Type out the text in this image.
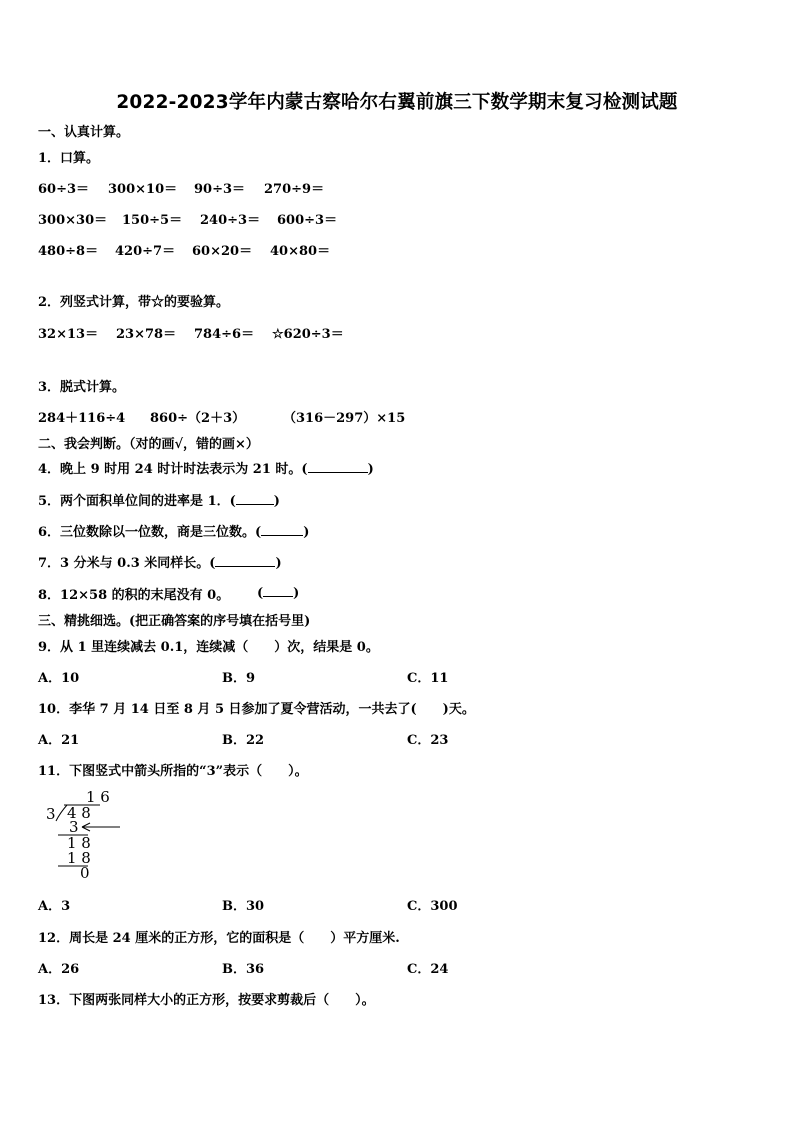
2022-2023学年内蒙古察哈尔右翼前旗三下数学期末复习检测试题
一、认真计算。
1．口算。
60÷3＝ 300×10＝ 90÷3＝ 270÷9＝
300×30＝ 150÷5＝ 240÷3＝ 600÷3＝
480÷8＝ 420÷7＝ 60×20＝ 40×80＝
2．列竖式计算，带☆的要验算。
32×13＝ 23×78＝ 784÷6＝ ☆620÷3＝
3．脱式计算。
284＋116÷4 860÷（2＋3）	（316－297）×15
二、我会判断。（对的画√，错的画×）
4．晚上 9 时用 24 时计时法表示为 21 时。(	)
5．两个面积单位间的进率是 1．(	)
6．三位数除以一位数，商是三位数。(	)
7．3 分米与 0.3 米同样长。(	)
8．12×58 的积的末尾没有 0。 ( )
三、精挑细选。(把正确答案的序号填在括号里)
9．从 1 里连续减去 0.1，连续减（　　）次，结果是 0。
A．10	B．9	C．11
10．李华 7 月 14 日至 8 月 5 日参加了夏令营活动，一共去了(　　)天。
A．21	B．22	C．23
11．下图竖式中箭头所指的“3”表示（　　）。
1 6
3 4 8
3
1 8
1 8
0
A．3	B．30	C．300
12．周长是 24 厘米的正方形，它的面积是（　　）平方厘米.
A．26	B．36	C．24
13．下图两张同样大小的正方形，按要求剪裁后（　　）。
